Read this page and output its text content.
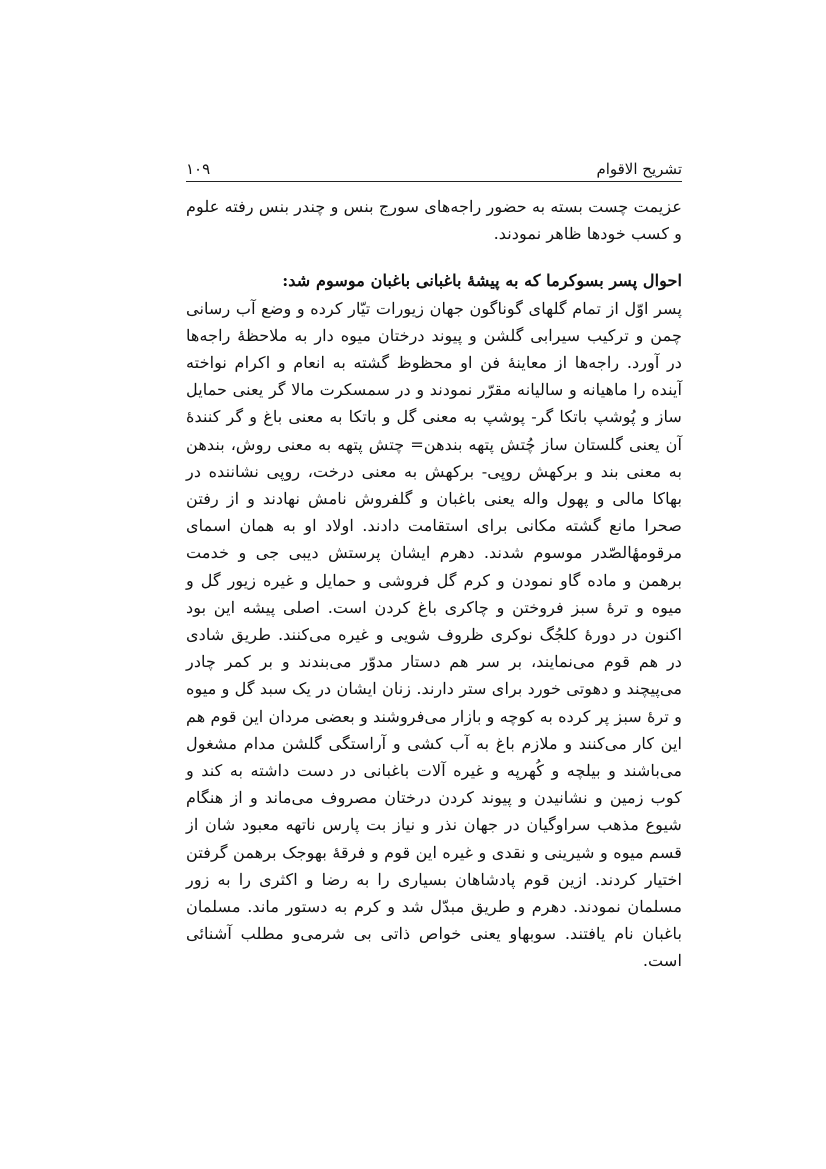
۱۰۹	تشریح الاقوام

عزیمت چست بسته به حضور راجه‌های سورج بنس و چندر بنس رفته علوم و کسب خودها ظاهر نمودند.

احوال پسر بسوکرما که به پیشهٔ باغبانی باغبان موسوم شد:

پسر اوّل از تمام گلهای گوناگون جهان زیورات تیّار کرده و وضع آب رسانی چمن و ترکیب سیرابی گلشن و پیوند درختان میوه دار به ملاحظهٔ راجه‌ها در آورد. راجه‌ها از معاینهٔ فن او محظوظ گشته به انعام و اکرام نواخته آینده را ماهیانه و سالیانه مقرّر نمودند و در سمسکرت مالا گر یعنی حمایل ساز و پُوشپ باتکا گر- پوشپ به معنی گل و باتکا به معنی باغ و گر کنندهٔ آن یعنی گلستان ساز چُتش پتهه بندهن= چتش پتهه به معنی روش، بندهن به معنی بند و برکهش روپی- برکهش به معنی درخت، روپی نشاننده در بهاکا مالی و پهول واله یعنی باغبان و گلفروش نامش نهادند و از رفتن صحرا مانع گشته مکانی برای استقامت دادند. اولاد او به همان اسمای مرقومهٔالصّدر موسوم شدند. دهرم ایشان پرستش دیبی جی و خدمت برهمن و ماده گاو نمودن و کرم گل فروشی و حمایل و غیره زیور گل و میوه و ترهٔ سبز فروختن و چاکری باغ کردن است. اصلی پیشه این بود اکنون در دورهٔ کلجُگ نوکری ظروف شویی و غیره می‌کنند. طریق شادی در هم قوم می‌نمایند، بر سر هم دستار مدوّر می‌بندند و بر کمر چادر می‌پیچند و دهوتی خورد برای ستر دارند. زنان ایشان در یک سبد گل و میوه و ترهٔ سبز پر کرده به کوچه و بازار می‌فروشند و بعضی مردان این قوم هم این کار می‌کنند و ملازم باغ به آب کشی و آراستگی گلشن مدام مشغول می‌باشند و بیلچه و کُهرپه و غیره آلات باغبانی در دست داشته به کند و کوب زمین و نشانیدن و پیوند کردن درختان مصروف می‌ماند و از هنگام شیوع مذهب سراوگیان در جهان نذر و نیاز بت پارس ناتهه معبود شان از قسم میوه و شیرینی و نقدی و غیره این قوم و فرقهٔ بهوجک برهمن گرفتن اختیار کردند. ازین قوم پادشاهان بسیاری را به رضا و اکثری را به زور مسلمان نمودند. دهرم و طریق مبدّل شد و کرم به دستور ماند. مسلمان باغبان نام یافتند. سوبهاو یعنی خواص ذاتی بی شرمی‌و مطلب آشنائی است.
